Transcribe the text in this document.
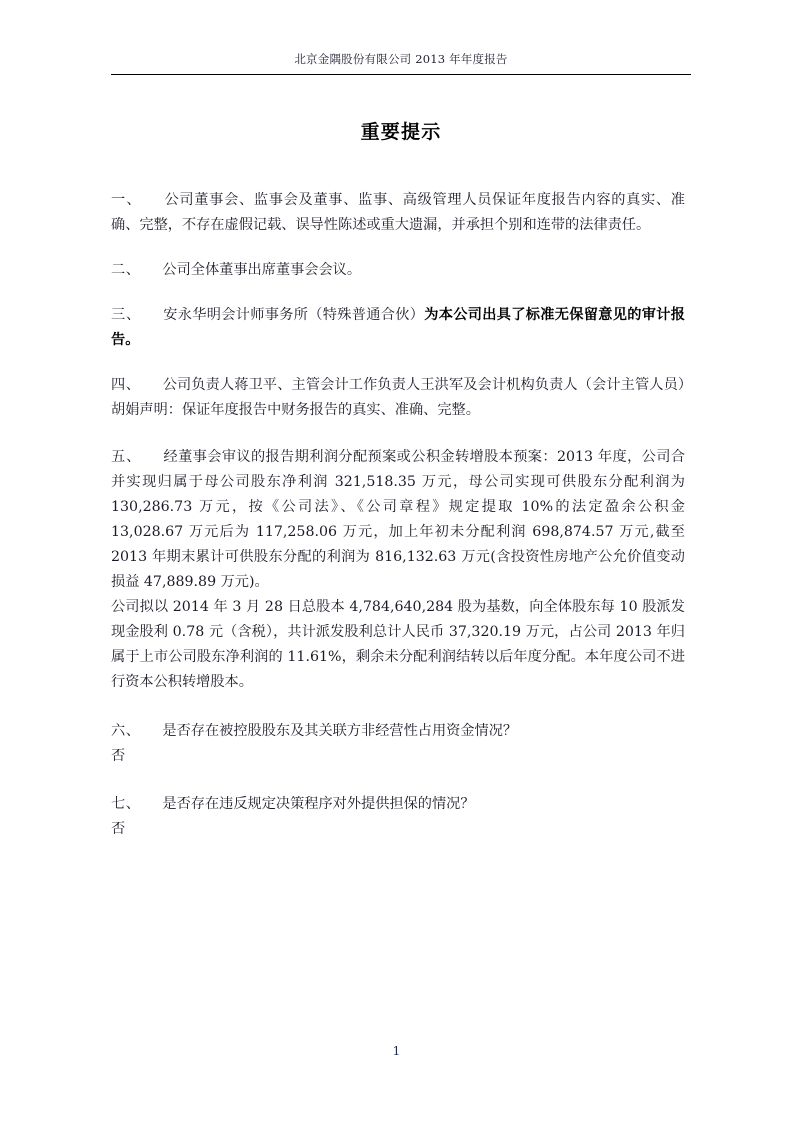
北京金隅股份有限公司 2013 年年度报告
重要提示

一、 公司董事会、监事会及董事、监事、高级管理人员保证年度报告内容的真实、准确、完整，不存在虚假记载、误导性陈述或重大遗漏，并承担个别和连带的法律责任。

二、 公司全体董事出席董事会会议。

三、 安永华明会计师事务所（特殊普通合伙）为本公司出具了标准无保留意见的审计报告。

四、 公司负责人蒋卫平、主管会计工作负责人王洪军及会计机构负责人（会计主管人员）胡娟声明：保证年度报告中财务报告的真实、准确、完整。

五、 经董事会审议的报告期利润分配预案或公积金转增股本预案：2013 年度，公司合并实现归属于母公司股东净利润 321,518.35 万元，母公司实现可供股东分配利润为 130,286.73 万元，按《公司法》、《公司章程》规定提取 10%的法定盈余公积金 13,028.67 万元后为 117,258.06 万元，加上年初未分配利润 698,874.57 万元,截至 2013 年期末累计可供股东分配的利润为 816,132.63 万元(含投资性房地产公允价值变动损益 47,889.89 万元)。
公司拟以 2014 年 3 月 28 日总股本 4,784,640,284 股为基数，向全体股东每 10 股派发现金股利 0.78 元（含税），共计派发股利总计人民币 37,320.19 万元，占公司 2013 年归属于上市公司股东净利润的 11.61%，剩余未分配利润结转以后年度分配。本年度公司不进行资本公积转增股本。

六、 是否存在被控股股东及其关联方非经营性占用资金情况？
否

七、 是否存在违反规定决策程序对外提供担保的情况？
否

1
